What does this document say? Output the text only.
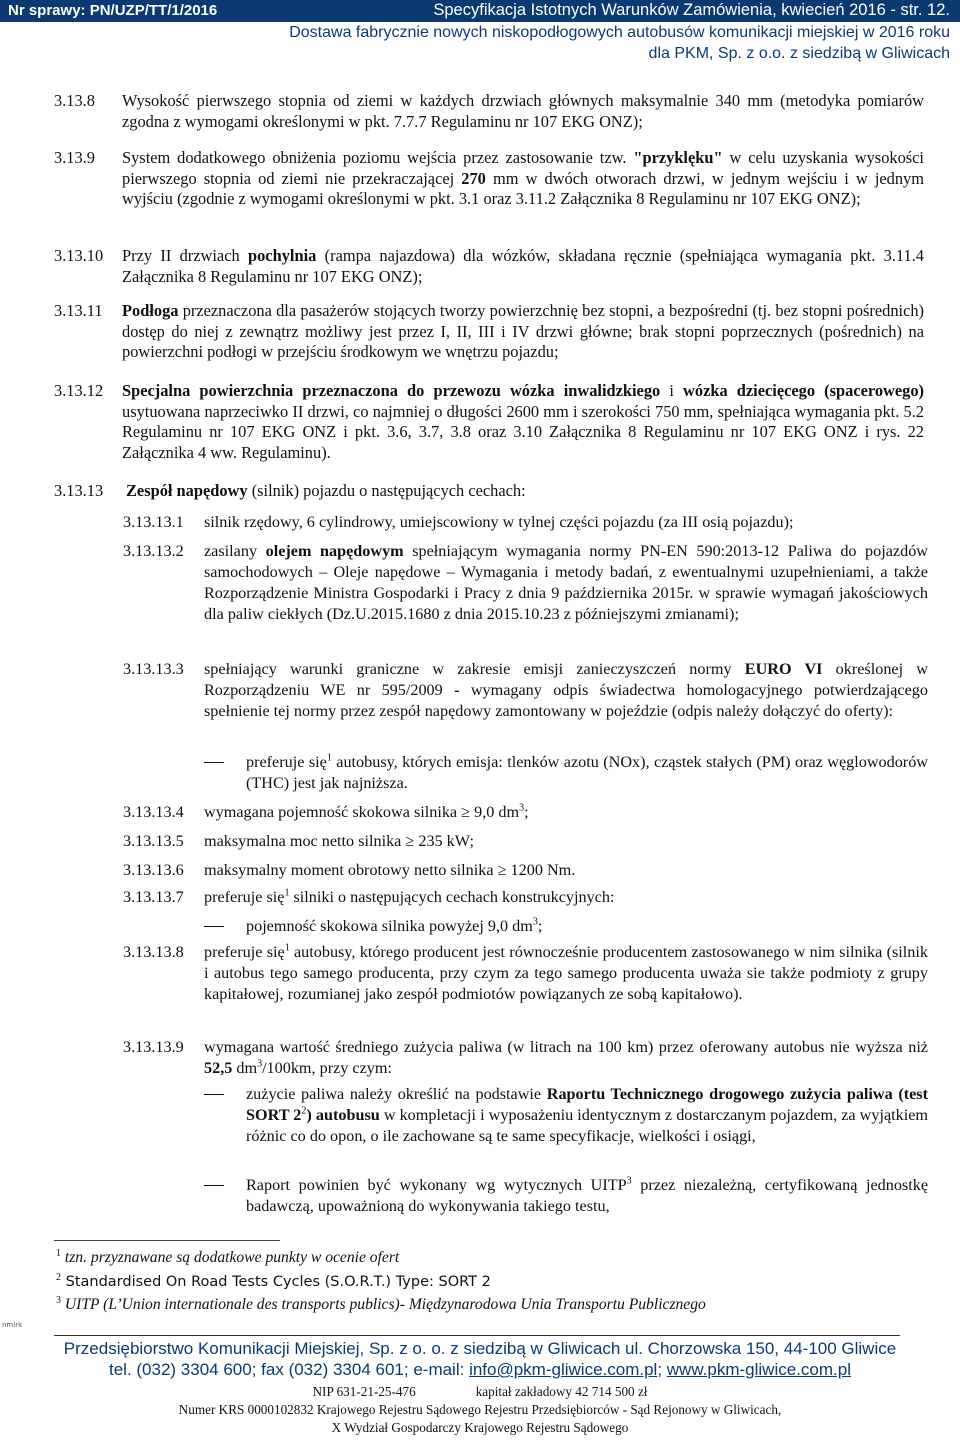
Nr sprawy: PN/UZP/TT/1/2016	Specyfikacja Istotnych Warunków Zamówienia, kwiecień 2016 - str. 12.
Dostawa fabrycznie nowych niskopodłogowych autobusów komunikacji miejskiej w 2016 roku
dla PKM, Sp. z o.o. z siedzibą w Gliwicach
3.13.8 Wysokość pierwszego stopnia od ziemi w każdych drzwiach głównych maksymalnie 340 mm (metodyka pomiarów zgodna z wymogami określonymi w pkt. 7.7.7 Regulaminu nr 107 EKG ONZ);
3.13.9 System dodatkowego obniżenia poziomu wejścia przez zastosowanie tzw. "przyklęku" w celu uzyskania wysokości pierwszego stopnia od ziemi nie przekraczającej 270 mm w dwóch otworach drzwi, w jednym wejściu i w jednym wyjściu (zgodnie z wymogami określonymi w pkt. 3.1 oraz 3.11.2 Załącznika 8 Regulaminu nr 107 EKG ONZ);
3.13.10 Przy II drzwiach pochylnia (rampa najazdowa) dla wózków, składana ręcznie (spełniająca wymagania pkt. 3.11.4 Załącznika 8 Regulaminu nr 107 EKG ONZ);
3.13.11 Podłoga przeznaczona dla pasażerów stojących tworzy powierzchnię bez stopni, a bezpośredni (tj. bez stopni pośrednich) dostęp do niej z zewnątrz możliwy jest przez I, II, III i IV drzwi główne; brak stopni poprzecznych (pośrednich) na powierzchni podłogi w przejściu środkowym we wnętrzu pojazdu;
3.13.12 Specjalna powierzchnia przeznaczona do przewozu wózka inwalidzkiego i wózka dziecięcego (spacerowego) usytuowana naprzeciwko II drzwi, co najmniej o długości 2600 mm i szerokości 750 mm, spełniająca wymagania pkt. 5.2 Regulaminu nr 107 EKG ONZ i pkt. 3.6, 3.7, 3.8 oraz 3.10 Załącznika 8 Regulaminu nr 107 EKG ONZ i rys. 22 Załącznika 4 ww. Regulaminu).
3.13.13 Zespół napędowy (silnik) pojazdu o następujących cechach:
3.13.13.1 silnik rzędowy, 6 cylindrowy, umiejscowiony w tylnej części pojazdu (za III osią pojazdu);
3.13.13.2 zasilany olejem napędowym spełniającym wymagania normy PN-EN 590:2013-12 Paliwa do pojazdów samochodowych – Oleje napędowe – Wymagania i metody badań, z ewentualnymi uzupełnieniami, a także Rozporządzenie Ministra Gospodarki i Pracy z dnia 9 października 2015r. w sprawie wymagań jakościowych dla paliw ciekłych (Dz.U.2015.1680 z dnia 2015.10.23 z późniejszymi zmianami);
3.13.13.3 spełniający warunki graniczne w zakresie emisji zanieczyszczeń normy EURO VI określonej w Rozporządzeniu WE nr 595/2009 - wymagany odpis świadectwa homologacyjnego potwierdzającego spełnienie tej normy przez zespół napędowy zamontowany w pojeździe (odpis należy dołączyć do oferty):
preferuje się$^1$ autobusy, których emisja: tlenków azotu (NOx), cząstek stałych (PM) oraz węglowodorów (THC) jest jak najniższa.
3.13.13.4 wymagana pojemność skokowa silnika ≥ 9,0 $dm^3$;
3.13.13.5 maksymalna moc netto silnika ≥ 235 kW;
3.13.13.6 maksymalny moment obrotowy netto silnika ≥ 1200 Nm.
3.13.13.7 preferuje się$^1$ silniki o następujących cechach konstrukcyjnych:
pojemność skokowa silnika powyżej 9,0 $dm^3$;
3.13.13.8 preferuje się$^1$ autobusy, którego producent jest równocześnie producentem zastosowanego w nim silnika (silnik i autobus tego samego producenta, przy czym za tego samego producenta uważa sie także podmioty z grupy kapitałowej, rozumianej jako zespół podmiotów powiązanych ze sobą kapitałowo).
3.13.13.9 wymagana wartość średniego zużycia paliwa (w litrach na 100 km) przez oferowany autobus nie wyższa niż 52,5 $dm^3/100km$, przy czym:
zużycie paliwa należy określić na podstawie Raportu Technicznego drogowego zużycia paliwa (test SORT $2^2$) autobusu w kompletacji i wyposażeniu identycznym z dostarczanym pojazdem, za wyjątkiem różnic co do opon, o ile zachowane są te same specyfikacje, wielkości i osiągi,
Raport powinien być wykonany wg wytycznych UITP$^3$ przez niezależną, certyfikowaną jednostkę badawczą, upoważnioną do wykonywania takiego testu,
$^1$ tzn. przyznawane są dodatkowe punkty w ocenie ofert
$^2$ Standardised On Road Tests Cycles (S.O.R.T.) Type: SORT 2
$^3$ UITP (L’Union internationale des transports publics)- Międzynarodowa Unia Transportu Publicznego
nmlrk
Przedsiębiorstwo Komunikacji Miejskiej, Sp. z o. o. z siedzibą w Gliwicach ul. Chorzowska 150, 44-100 Gliwice
tel. (032) 3304 600; fax (032) 3304 601; e-mail: info@pkm-gliwice.com.pl; www.pkm-gliwice.com.pl
NIP 631-21-25-476	kapitał zakładowy 42 714 500 zł
Numer KRS 0000102832 Krajowego Rejestru Sądowego Rejestru Przedsiębiorców - Sąd Rejonowy w Gliwicach,
X Wydział Gospodarczy Krajowego Rejestru Sądowego
